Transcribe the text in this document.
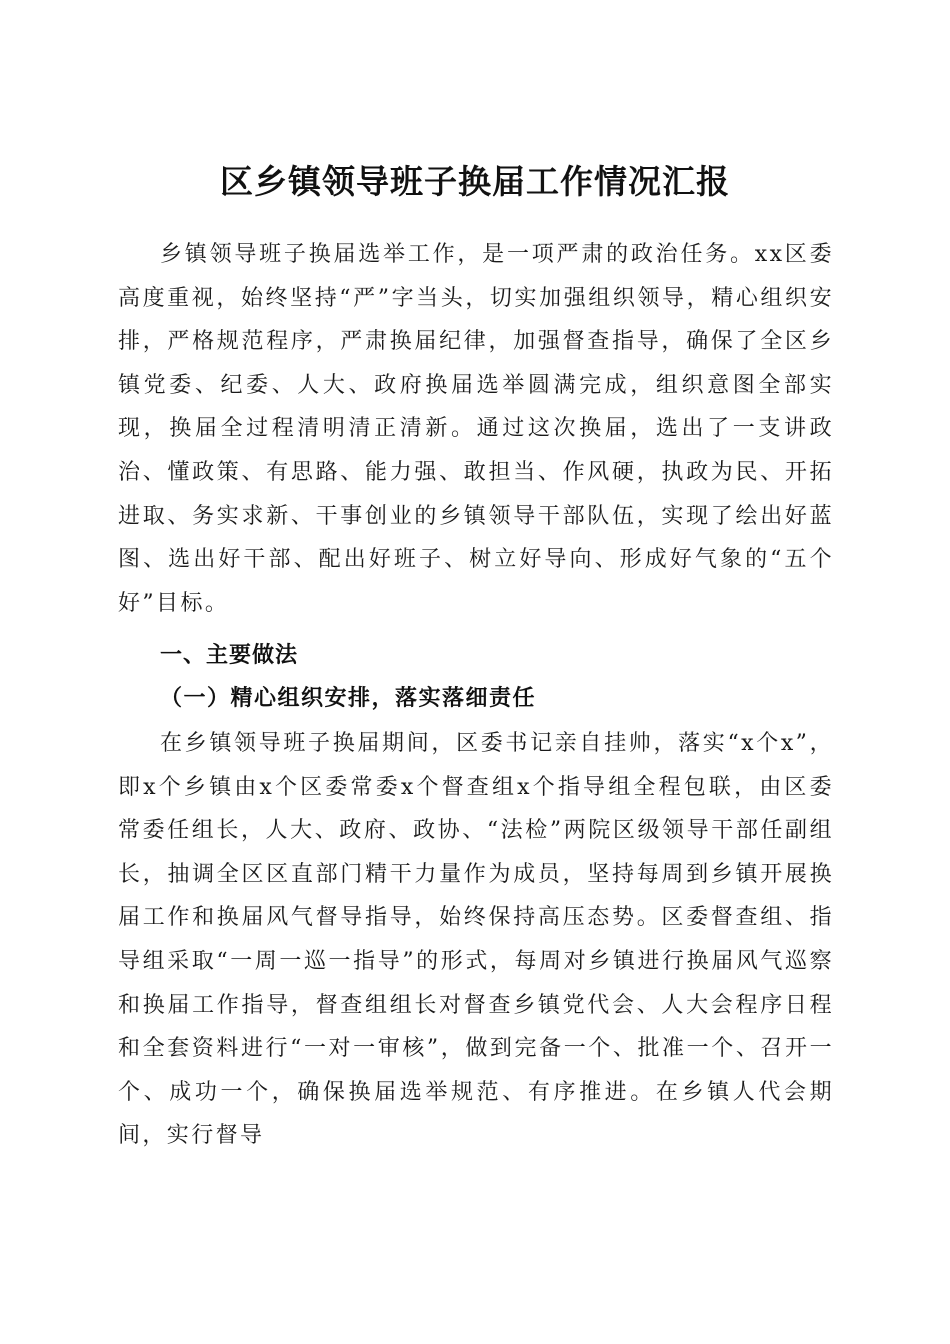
区乡镇领导班子换届工作情况汇报

乡镇领导班子换届选举工作，是一项严肃的政治任务。xx区委高度重视，始终坚持“严”字当头，切实加强组织领导，精心组织安排，严格规范程序，严肃换届纪律，加强督查指导，确保了全区乡镇党委、纪委、人大、政府换届选举圆满完成，组织意图全部实现，换届全过程清明清正清新。通过这次换届，选出了一支讲政治、懂政策、有思路、能力强、敢担当、作风硬，执政为民、开拓进取、务实求新、干事创业的乡镇领导干部队伍，实现了绘出好蓝图、选出好干部、配出好班子、树立好导向、形成好气象的“五个好”目标。

一、主要做法
（一）精心组织安排，落实落细责任

在乡镇领导班子换届期间，区委书记亲自挂帅，落实“x个x”，即x个乡镇由x个区委常委x个督查组x个指导组全程包联，由区委常委任组长，人大、政府、政协、“法检”两院区级领导干部任副组长，抽调全区区直部门精干力量作为成员，坚持每周到乡镇开展换届工作和换届风气督导指导，始终保持高压态势。区委督查组、指导组采取“一周一巡一指导”的形式，每周对乡镇进行换届风气巡察和换届工作指导，督查组组长对督查乡镇党代会、人大会程序日程和全套资料进行“一对一审核”，做到完备一个、批准一个、召开一个、成功一个，确保换届选举规范、有序推进。在乡镇人代会期间，实行督导
